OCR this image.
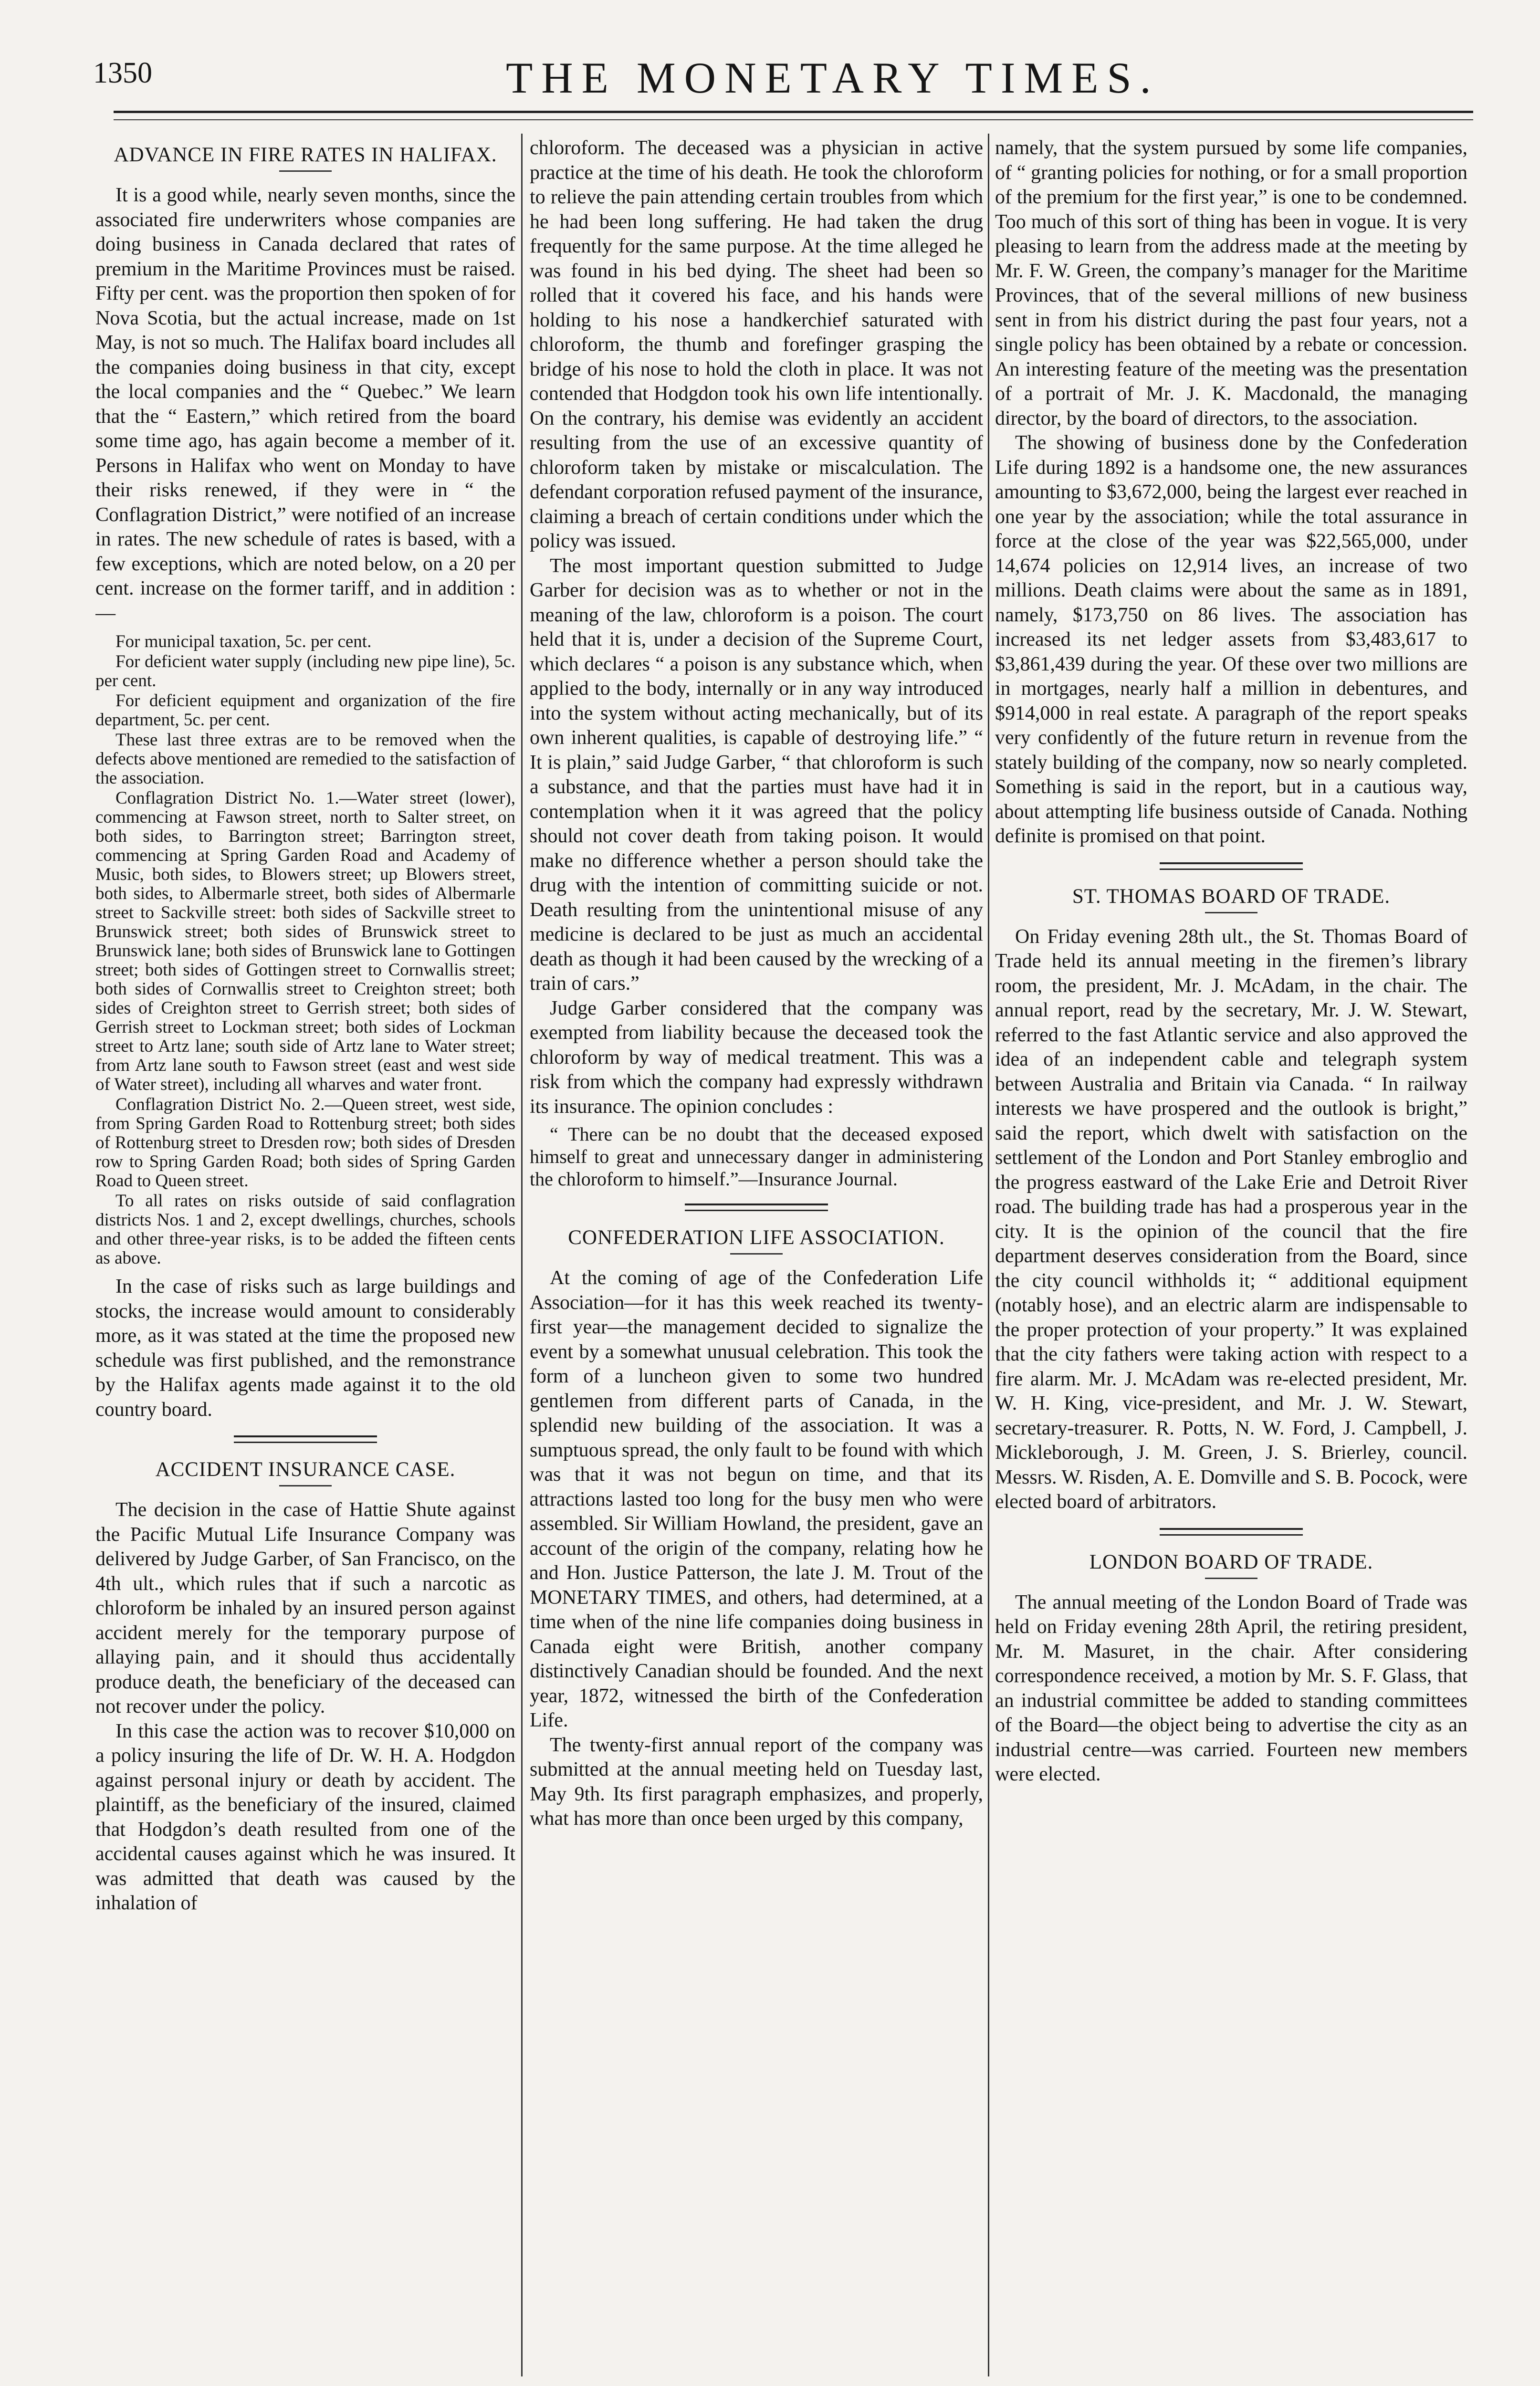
1350	THE MONETARY TIMES.
ADVANCE IN FIRE RATES IN HALIFAX.

It is a good while, nearly seven months, since the associated fire underwriters whose companies are doing business in Canada declared that rates of premium in the Maritime Provinces must be raised. Fifty per cent. was the proportion then spoken of for Nova Scotia, but the actual increase, made on 1st May, is not so much. The Halifax board includes all the companies doing business in that city, except the local companies and the “ Quebec.” We learn that the “ Eastern,” which retired from the board some time ago, has again become a member of it. Persons in Halifax who went on Monday to have their risks renewed, if they were in “ the Conflagration District,” were notified of an increase in rates. The new schedule of rates is based, with a few exceptions, which are noted below, on a 20 per cent. increase on the former tariff, and in addition :—

For municipal taxation, 5c. per cent.

For deficient water supply (including new pipe line), 5c. per cent.

For deficient equipment and organization of the fire department, 5c. per cent.

These last three extras are to be removed when the defects above mentioned are remedied to the satisfaction of the association.

Conflagration District No. 1.—Water street (lower), commencing at Fawson street, north to Salter street, on both sides, to Barrington street; Barrington street, commencing at Spring Garden Road and Academy of Music, both sides, to Blowers street; up Blowers street, both sides, to Albermarle street, both sides of Albermarle street to Sackville street: both sides of Sackville street to Brunswick street; both sides of Brunswick street to Brunswick lane; both sides of Brunswick lane to Gottingen street; both sides of Gottingen street to Cornwallis street; both sides of Cornwallis street to Creighton street; both sides of Creighton street to Gerrish street; both sides of Gerrish street to Lockman street; both sides of Lockman street to Artz lane; south side of Artz lane to Water street; from Artz lane south to Fawson street (east and west side of Water street), including all wharves and water front.

Conflagration District No. 2.—Queen street, west side, from Spring Garden Road to Rottenburg street; both sides of Rottenburg street to Dresden row; both sides of Dresden row to Spring Garden Road; both sides of Spring Garden Road to Queen street.

To all rates on risks outside of said conflagration districts Nos. 1 and 2, except dwellings, churches, schools and other three-year risks, is to be added the fifteen cents as above.

In the case of risks such as large buildings and stocks, the increase would amount to considerably more, as it was stated at the time the proposed new schedule was first published, and the remonstrance by the Halifax agents made against it to the old country board.

ACCIDENT INSURANCE CASE.

The decision in the case of Hattie Shute against the Pacific Mutual Life Insurance Company was delivered by Judge Garber, of San Francisco, on the 4th ult., which rules that if such a narcotic as chloroform be inhaled by an insured person against accident merely for the temporary purpose of allaying pain, and it should thus accidentally produce death, the beneficiary of the deceased can not recover under the policy.

In this case the action was to recover $10,000 on a policy insuring the life of Dr. W. H. A. Hodgdon against personal injury or death by accident. The plaintiff, as the beneficiary of the insured, claimed that Hodgdon’s death resulted from one of the accidental causes against which he was insured. It was admitted that death was caused by the inhalation of

chloroform. The deceased was a physician in active practice at the time of his death. He took the chloroform to relieve the pain attending certain troubles from which he had been long suffering. He had taken the drug frequently for the same purpose. At the time alleged he was found in his bed dying. The sheet had been so rolled that it covered his face, and his hands were holding to his nose a handkerchief saturated with chloroform, the thumb and forefinger grasping the bridge of his nose to hold the cloth in place. It was not contended that Hodgdon took his own life intentionally. On the contrary, his demise was evidently an accident resulting from the use of an excessive quantity of chloroform taken by mistake or miscalculation. The defendant corporation refused payment of the insurance, claiming a breach of certain conditions under which the policy was issued.

The most important question submitted to Judge Garber for decision was as to whether or not in the meaning of the law, chloroform is a poison. The court held that it is, under a decision of the Supreme Court, which declares “ a poison is any substance which, when applied to the body, internally or in any way introduced into the system without acting mechanically, but of its own inherent qualities, is capable of destroying life.” “ It is plain,” said Judge Garber, “ that chloroform is such a substance, and that the parties must have had it in contemplation when it it was agreed that the policy should not cover death from taking poison. It would make no difference whether a person should take the drug with the intention of committing suicide or not. Death resulting from the unintentional misuse of any medicine is declared to be just as much an accidental death as though it had been caused by the wrecking of a train of cars.”

Judge Garber considered that the company was exempted from liability because the deceased took the chloroform by way of medical treatment. This was a risk from which the company had expressly withdrawn its insurance. The opinion concludes :

“ There can be no doubt that the deceased exposed himself to great and unnecessary danger in administering the chloroform to himself.”—Insurance Journal.

CONFEDERATION LIFE ASSOCIATION.

At the coming of age of the Confederation Life Association—for it has this week reached its twenty-first year—the management decided to signalize the event by a somewhat unusual celebration. This took the form of a luncheon given to some two hundred gentlemen from different parts of Canada, in the splendid new building of the association. It was a sumptuous spread, the only fault to be found with which was that it was not begun on time, and that its attractions lasted too long for the busy men who were assembled. Sir William Howland, the president, gave an account of the origin of the company, relating how he and Hon. Justice Patterson, the late J. M. Trout of the MONETARY TIMES, and others, had determined, at a time when of the nine life companies doing business in Canada eight were British, another company distinctively Canadian should be founded. And the next year, 1872, witnessed the birth of the Confederation Life.

The twenty-first annual report of the company was submitted at the annual meeting held on Tuesday last, May 9th. Its first paragraph emphasizes, and properly, what has more than once been urged by this company,

namely, that the system pursued by some life companies, of “ granting policies for nothing, or for a small proportion of the premium for the first year,” is one to be condemned. Too much of this sort of thing has been in vogue. It is very pleasing to learn from the address made at the meeting by Mr. F. W. Green, the company’s manager for the Maritime Provinces, that of the several millions of new business sent in from his district during the past four years, not a single policy has been obtained by a rebate or concession. An interesting feature of the meeting was the presentation of a portrait of Mr. J. K. Macdonald, the managing director, by the board of directors, to the association.

The showing of business done by the Confederation Life during 1892 is a handsome one, the new assurances amounting to $3,672,000, being the largest ever reached in one year by the association; while the total assurance in force at the close of the year was $22,565,000, under 14,674 policies on 12,914 lives, an increase of two millions. Death claims were about the same as in 1891, namely, $173,750 on 86 lives. The association has increased its net ledger assets from $3,483,617 to $3,861,439 during the year. Of these over two millions are in mortgages, nearly half a million in debentures, and $914,000 in real estate. A paragraph of the report speaks very confidently of the future return in revenue from the stately building of the company, now so nearly completed. Something is said in the report, but in a cautious way, about attempting life business outside of Canada. Nothing definite is promised on that point.

ST. THOMAS BOARD OF TRADE.

On Friday evening 28th ult., the St. Thomas Board of Trade held its annual meeting in the firemen’s library room, the president, Mr. J. McAdam, in the chair. The annual report, read by the secretary, Mr. J. W. Stewart, referred to the fast Atlantic service and also approved the idea of an independent cable and telegraph system between Australia and Britain via Canada. “ In railway interests we have prospered and the outlook is bright,” said the report, which dwelt with satisfaction on the settlement of the London and Port Stanley embroglio and the progress eastward of the Lake Erie and Detroit River road. The building trade has had a prosperous year in the city. It is the opinion of the council that the fire department deserves consideration from the Board, since the city council withholds it; “ additional equipment (notably hose), and an electric alarm are indispensable to the proper protection of your property.” It was explained that the city fathers were taking action with respect to a fire alarm. Mr. J. McAdam was re-elected president, Mr. W. H. King, vice-president, and Mr. J. W. Stewart, secretary-treasurer. R. Potts, N. W. Ford, J. Campbell, J. Mickleborough, J. M. Green, J. S. Brierley, council. Messrs. W. Risden, A. E. Domville and S. B. Pocock, were elected board of arbitrators.

LONDON BOARD OF TRADE.

The annual meeting of the London Board of Trade was held on Friday evening 28th April, the retiring president, Mr. M. Masuret, in the chair. After considering correspondence received, a motion by Mr. S. F. Glass, that an industrial committee be added to standing committees of the Board—the object being to advertise the city as an industrial centre—was carried. Fourteen new members were elected.
